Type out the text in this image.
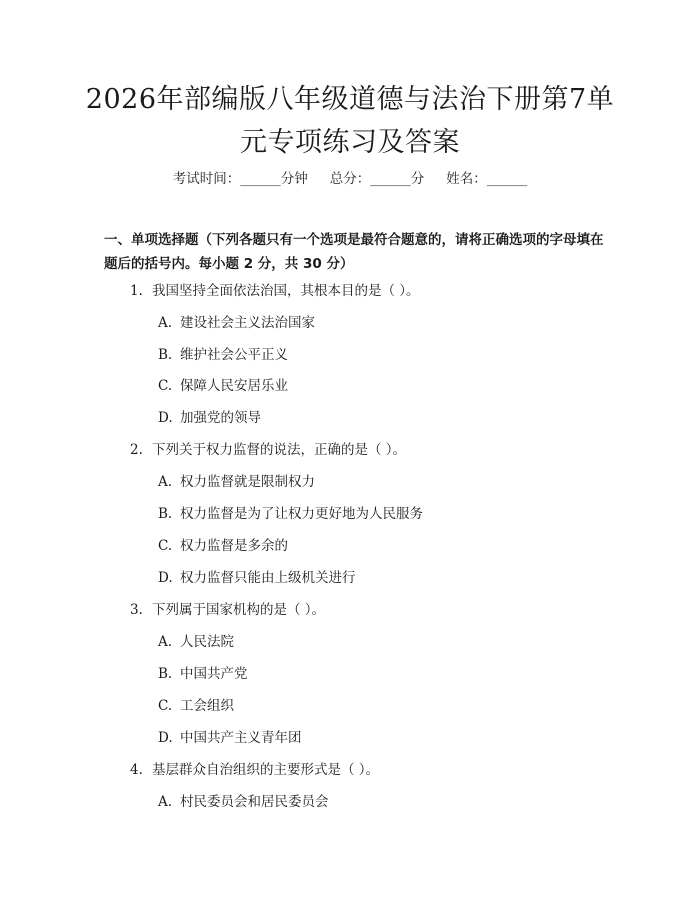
2026年部编版八年级道德与法治下册第7单元专项练习及答案
考试时间：______分钟 总分：______分 姓名：______
一、单项选择题（下列各题只有一个选项是最符合题意的，请将正确选项的字母填在题后的括号内。每小题 2 分，共 30 分）
1. 我国坚持全面依法治国，其根本目的是（ ）。
A. 建设社会主义法治国家
B. 维护社会公平正义
C. 保障人民安居乐业
D. 加强党的领导
2. 下列关于权力监督的说法，正确的是（ ）。
A. 权力监督就是限制权力
B. 权力监督是为了让权力更好地为人民服务
C. 权力监督是多余的
D. 权力监督只能由上级机关进行
3. 下列属于国家机构的是（ ）。
A. 人民法院
B. 中国共产党
C. 工会组织
D. 中国共产主义青年团
4. 基层群众自治组织的主要形式是（ ）。
A. 村民委员会和居民委员会
